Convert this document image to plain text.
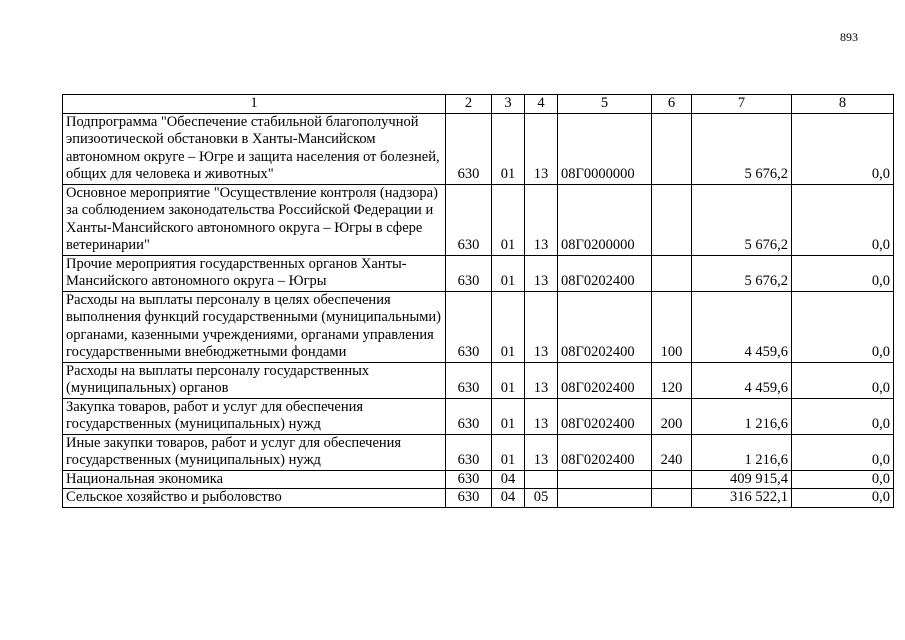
893
1	2	3	4	5	6	7	8
Подпрограмма "Обеспечение стабильной благополучной эпизоотической обстановки в Ханты-Мансийском автономном округе – Югре и защита населения от болезней, общих для человека и животных"	630	01	13	08Г0000000		5 676,2	0,0
Основное мероприятие "Осуществление контроля (надзора) за соблюдением законодательства Российской Федерации и Ханты-Мансийского автономного округа – Югры в сфере ветеринарии"	630	01	13	08Г0200000		5 676,2	0,0
Прочие мероприятия государственных органов Ханты-Мансийского автономного округа – Югры	630	01	13	08Г0202400		5 676,2	0,0
Расходы на выплаты персоналу в целях обеспечения выполнения функций государственными (муниципальными) органами, казенными учреждениями, органами управления государственными внебюджетными фондами	630	01	13	08Г0202400	100	4 459,6	0,0
Расходы на выплаты персоналу государственных (муниципальных) органов	630	01	13	08Г0202400	120	4 459,6	0,0
Закупка товаров, работ и услуг для обеспечения государственных (муниципальных) нужд	630	01	13	08Г0202400	200	1 216,6	0,0
Иные закупки товаров, работ и услуг для обеспечения государственных (муниципальных) нужд	630	01	13	08Г0202400	240	1 216,6	0,0
Национальная экономика	630	04				409 915,4	0,0
Сельское хозяйство и рыболовство	630	04	05			316 522,1	0,0
